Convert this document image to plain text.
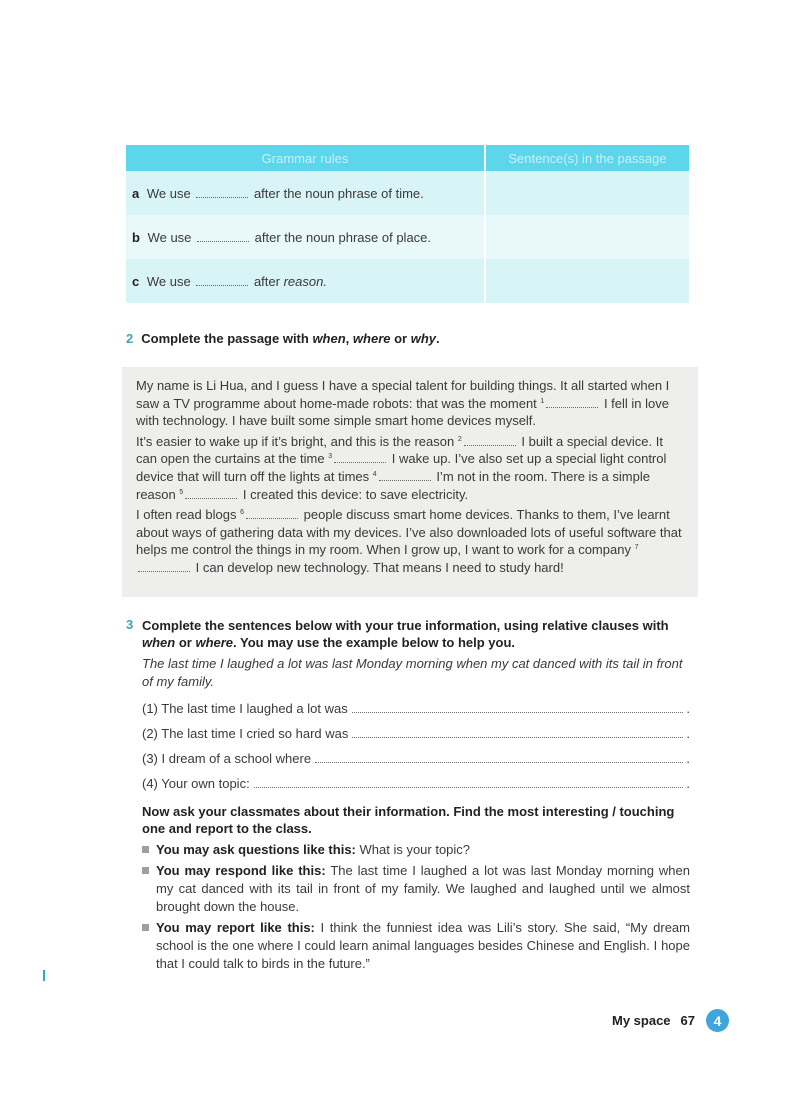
Grammar rules	Sentence(s) in the passage
a We use after the noun phrase of time.	
b We use after the noun phrase of place.	
c We use after reason.	
2 Complete the passage with when, where or why.

My name is Li Hua, and I guess I have a special talent for building things. It all started when I saw a TV programme about home-made robots: that was the moment $^1$	I fell in love with technology. I have built some simple smart home devices myself.

It’s easier to wake up if it’s bright, and this is the reason $^2$	I built a special device. It can open the curtains at the time $^3$	I wake up. I’ve also set up a special light control device that will turn off the lights at times $^4$	I’m not in the room. There is a simple reason $^5$	I created this device: to save electricity.

I often read blogs $^6$	people discuss smart home devices. Thanks to them, I’ve learnt about ways of gathering data with my devices. I’ve also downloaded lots of useful software that helps me control the things in my room. When I grow up, I want to work for a company $^7$ I can develop new technology. That means I need to study hard!

3 Complete the sentences below with your true information, using relative clauses with when or where. You may use the example below to help you.
The last time I laughed a lot was last Monday morning when my cat danced with its tail in front of my family.
(1) The last time I laughed a lot was	.
(2) The last time I cried so hard was	.
(3) I dream of a school where	.
(4) Your own topic:	.
Now ask your classmates about their information. Find the most interesting / touching one and report to the class.
You may ask questions like this: What is your topic?
You may respond like this: The last time I laughed a lot was last Monday morning when my cat danced with its tail in front of my family. We laughed and laughed until we almost brought down the house.
You may report like this: I think the funniest idea was Lili’s story. She said, “My dream school is the one where I could learn animal languages besides Chinese and English. I hope that I could talk to birds in the future.”
My space 67	4
